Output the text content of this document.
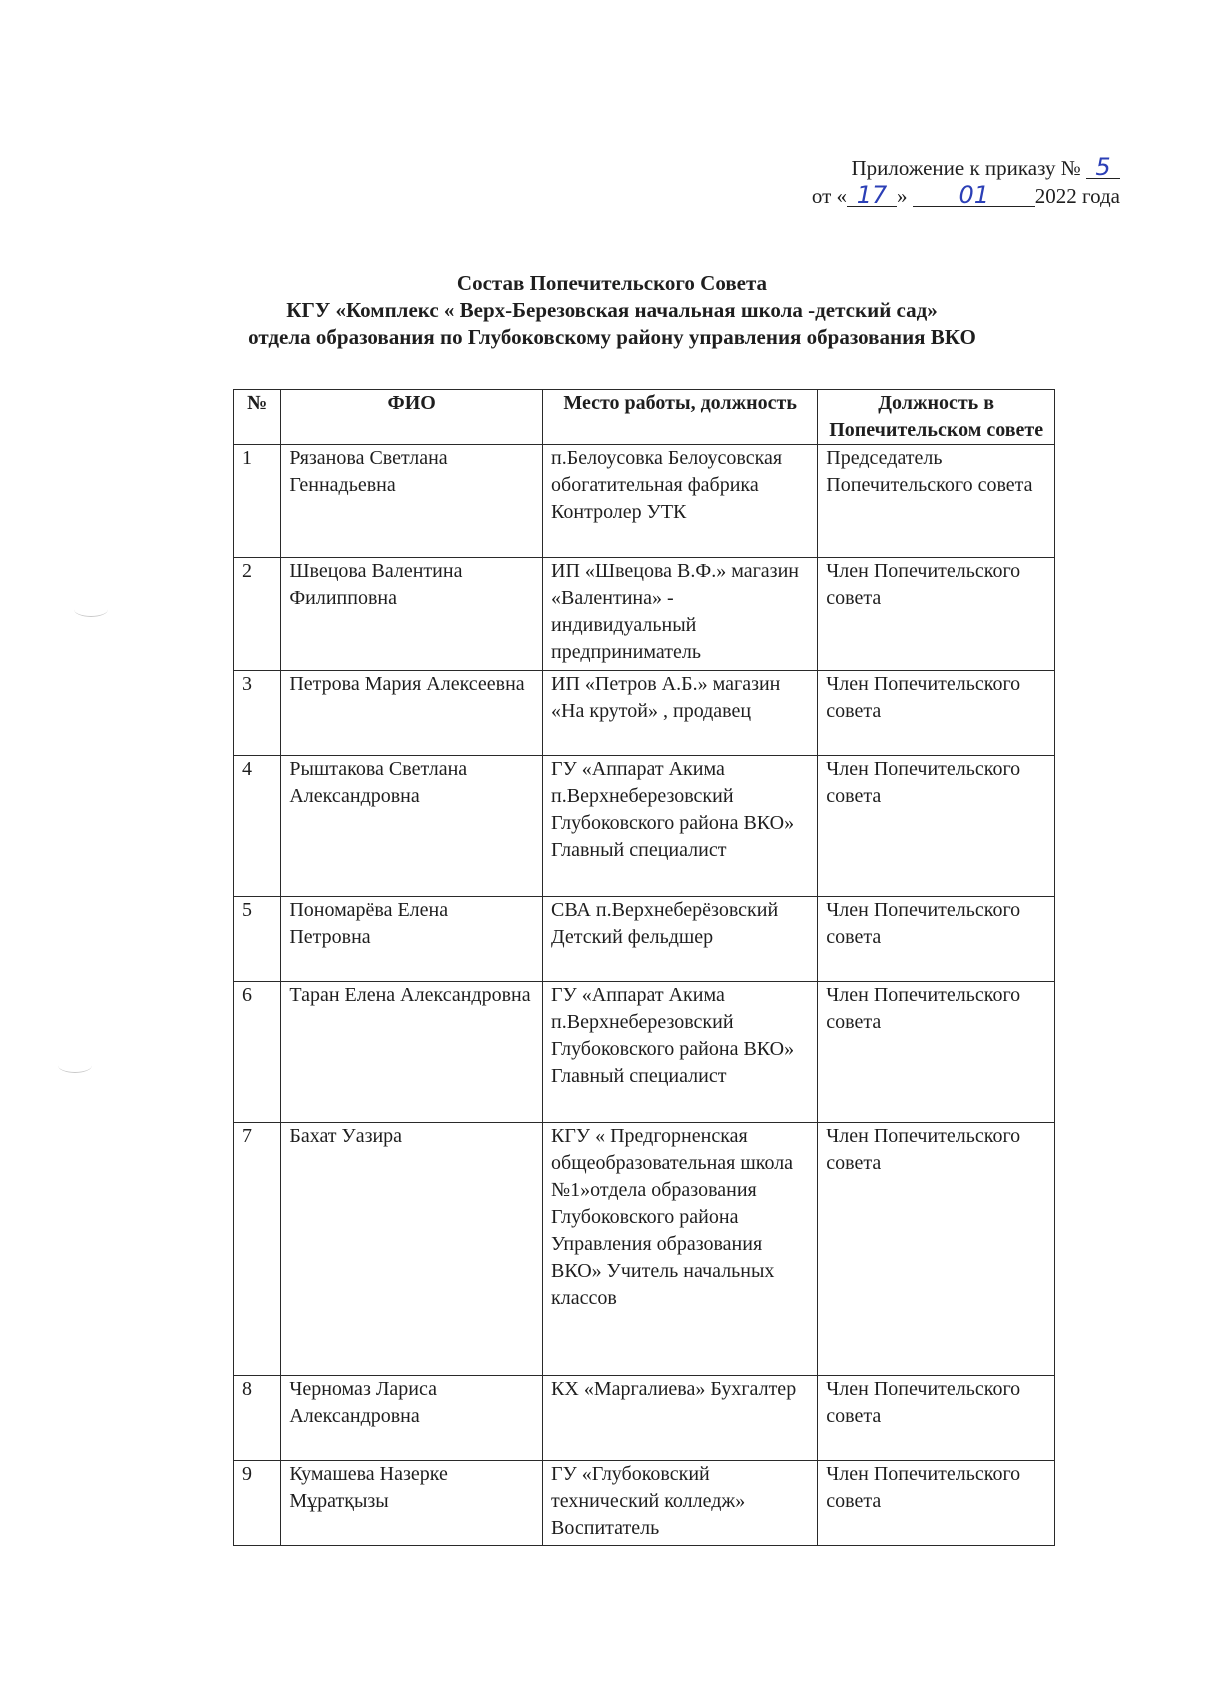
Приложение к приказу № 5
от « 17 » 01 2022 года
Состав Попечительского Совета
КГУ «Комплекс « Верх-Березовская начальная школа -детский сад»
отдела образования по Глубоковскому району управления образования ВКО
№	ФИО	Место работы, должность	Должность в Попечительском совете
1	Рязанова Светлана Геннадьевна	п.Белоусовка Белоусовская обогатительная фабрика Контролер УТК	Председатель Попечительского совета
2	Швецова Валентина Филипповна	ИП «Швецова В.Ф.» магазин «Валентина» - индивидуальный предприниматель	Член Попечительского совета
3	Петрова Мария Алексеевна	ИП «Петров А.Б.» магазин «На крутой» , продавец	Член Попечительского совета
4	Рыштакова Светлана Александровна	ГУ «Аппарат Акима п.Верхнеберезовский Глубоковского района ВКО» Главный специалист	Член Попечительского совета
5	Пономарёва Елена Петровна	СВА п.Верхнеберёзовский Детский фельдшер	Член Попечительского совета
6	Таран Елена Александровна	ГУ «Аппарат Акима п.Верхнеберезовский Глубоковского района ВКО» Главный специалист	Член Попечительского совета
7	Бахат Уазира	КГУ « Предгорненская общеобразовательная школа №1»отдела образования Глубоковского района Управления образования ВКО» Учитель начальных классов	Член Попечительского совета
8	Черномаз Лариса Александровна	КХ «Маргалиева» Бухгалтер	Член Попечительского совета
9	Кумашева Назерке Мұратқызы	ГУ «Глубоковский технический колледж» Воспитатель	Член Попечительского совета
